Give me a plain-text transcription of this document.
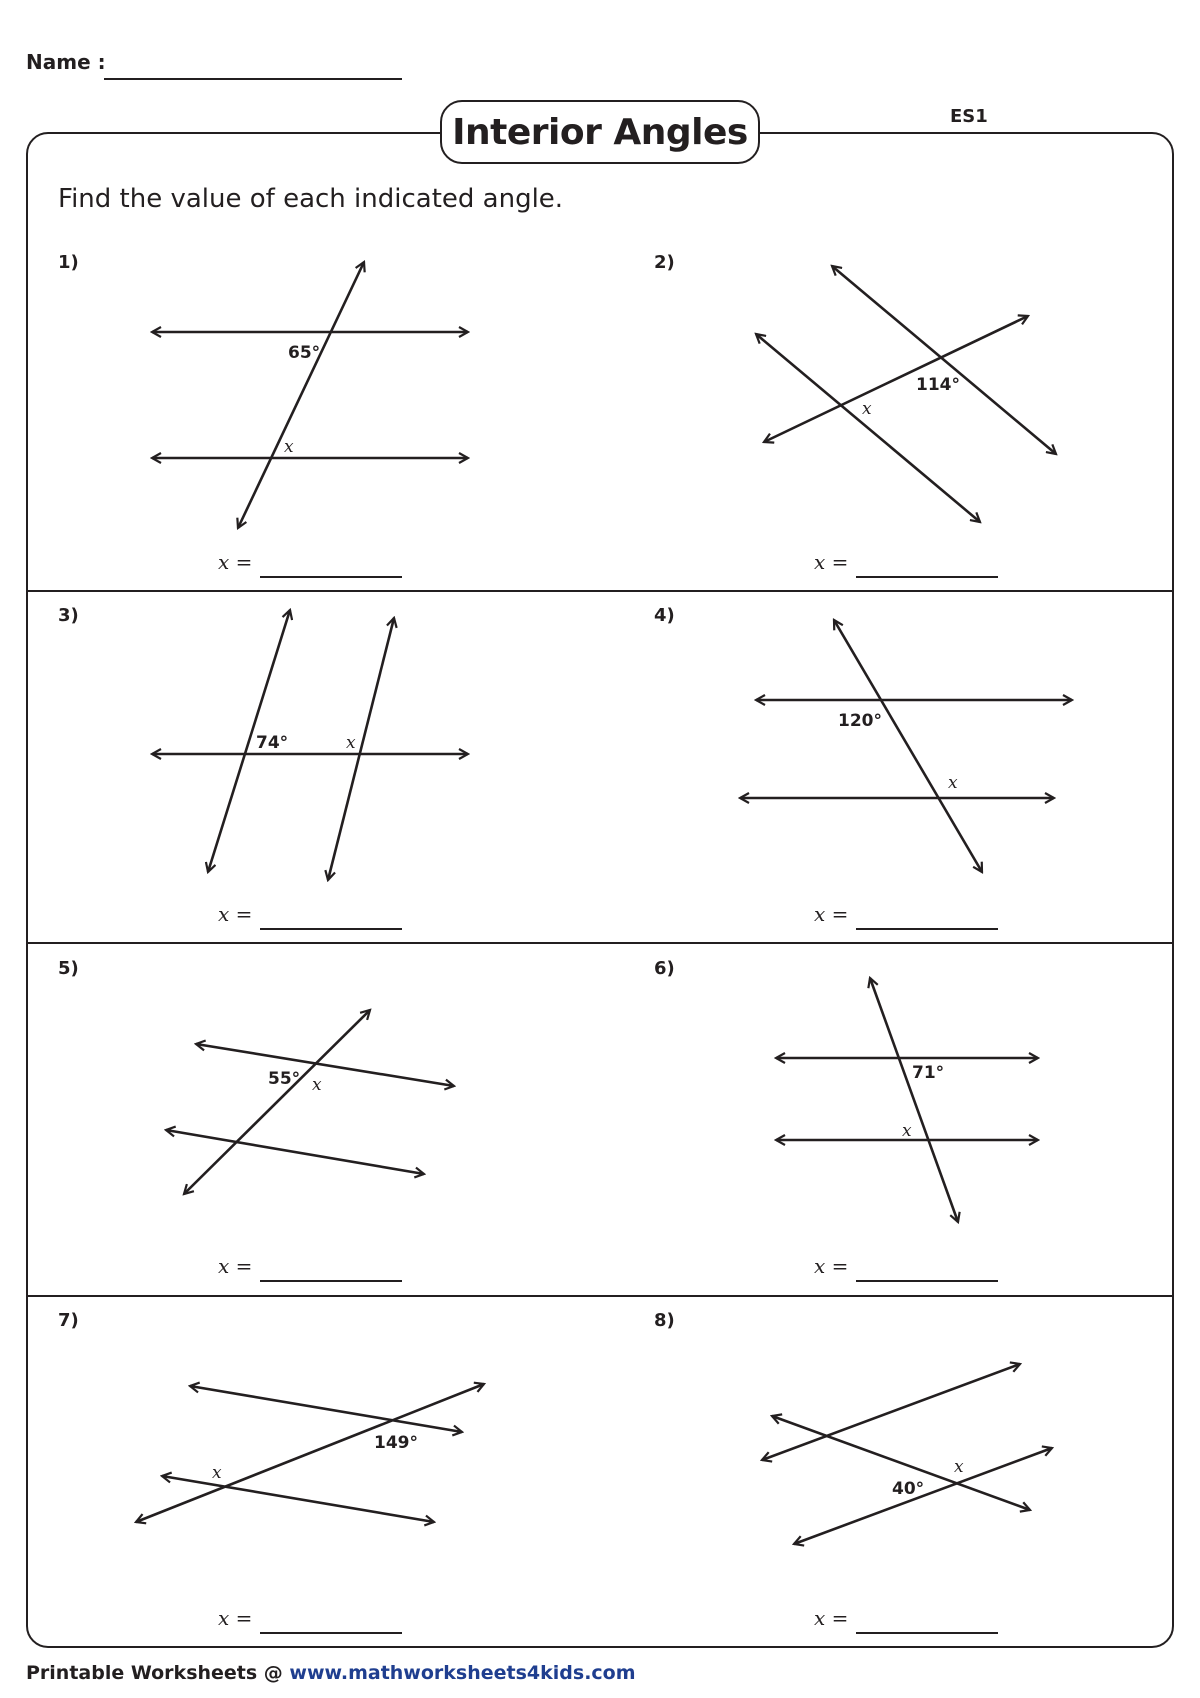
Name :
Interior Angles	ES1
Find the value of each indicated angle.
1)	2)
3)	4)
5)	6)
7)	8)
x =	x =
x =	x =
x =	x =
x =	x =
65°
x
114°
x
74°	x
120°
x
55° x
71°
x
149°
x
40°
x
Printable Worksheets @ www.mathworksheets4kids.com
